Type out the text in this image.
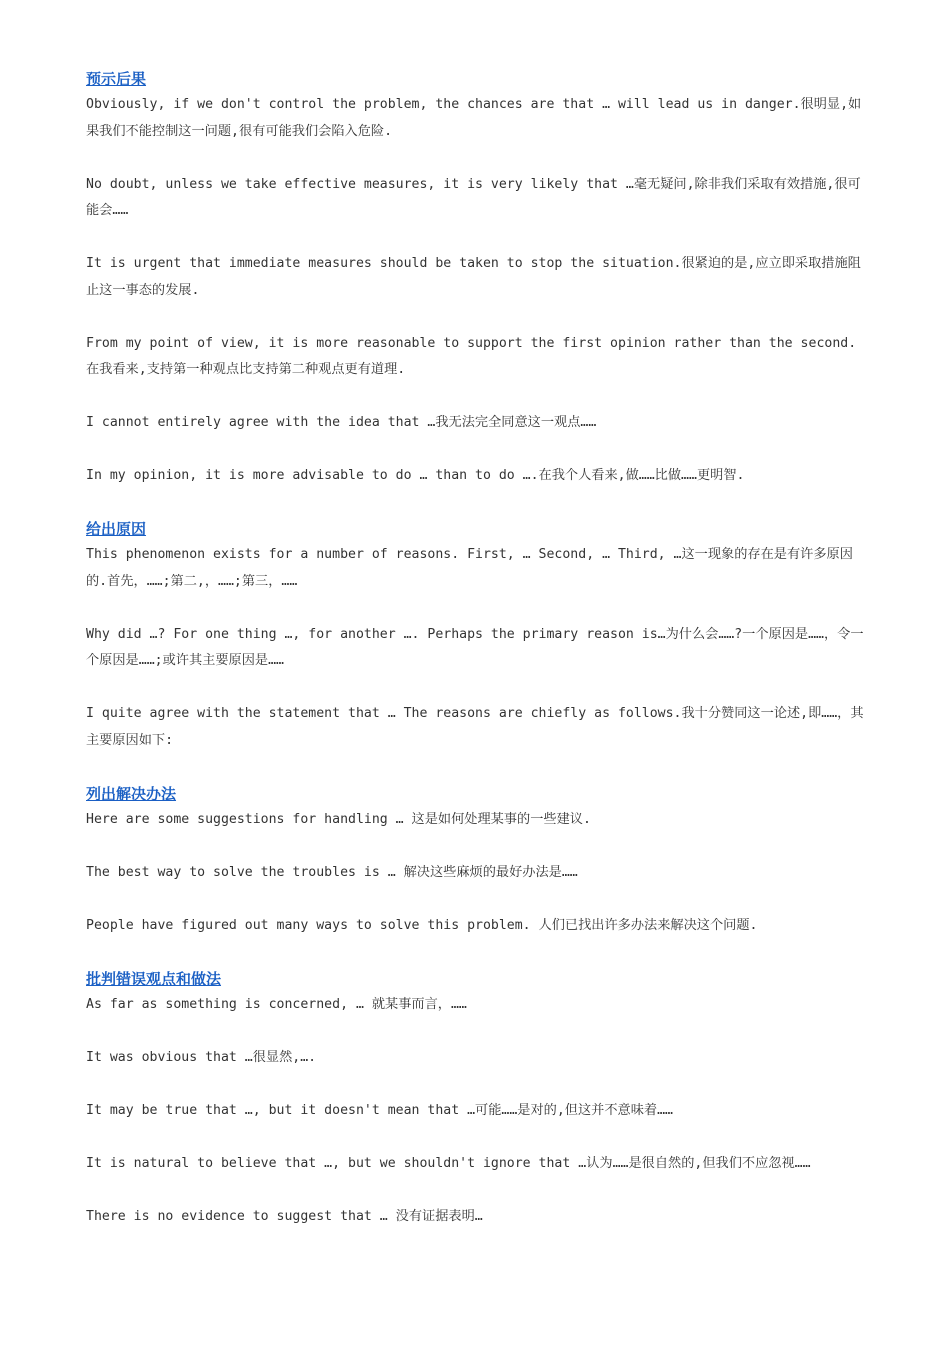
预示后果

Obviously, if we don't control the problem, the chances are that … will lead us in danger.很明显,如果我们不能控制这一问题,很有可能我们会陷入危险.

No doubt, unless we take effective measures, it is very likely that …毫无疑问,除非我们采取有效措施,很可能会……

It is urgent that immediate measures should be taken to stop the situation.很紧迫的是,应立即采取措施阻止这一事态的发展.

From my point of view, it is more reasonable to support the first opinion rather than the second. 在我看来,支持第一种观点比支持第二种观点更有道理.

I cannot entirely agree with the idea that …我无法完全同意这一观点……

In my opinion, it is more advisable to do … than to do ….在我个人看来,做……比做……更明智.

给出原因

This phenomenon exists for a number of reasons. First, … Second, … Third, …这一现象的存在是有许多原因的.首先，……;第二,，……;第三，……

Why did …? For one thing …, for another …. Perhaps the primary reason is…为什么会……?一个原因是……，令一个原因是……;或许其主要原因是……

I quite agree with the statement that … The reasons are chiefly as follows.我十分赞同这一论述,即……，其主要原因如下:

列出解决办法

Here are some suggestions for handling … 这是如何处理某事的一些建议.

The best way to solve the troubles is … 解决这些麻烦的最好办法是……

People have figured out many ways to solve this problem. 人们已找出许多办法来解决这个问题.

批判错误观点和做法

As far as something is concerned, … 就某事而言，……

It was obvious that …很显然,….

It may be true that …, but it doesn't mean that …可能……是对的,但这并不意味着……

It is natural to believe that …, but we shouldn't ignore that …认为……是很自然的,但我们不应忽视……

There is no evidence to suggest that … 没有证据表明…
